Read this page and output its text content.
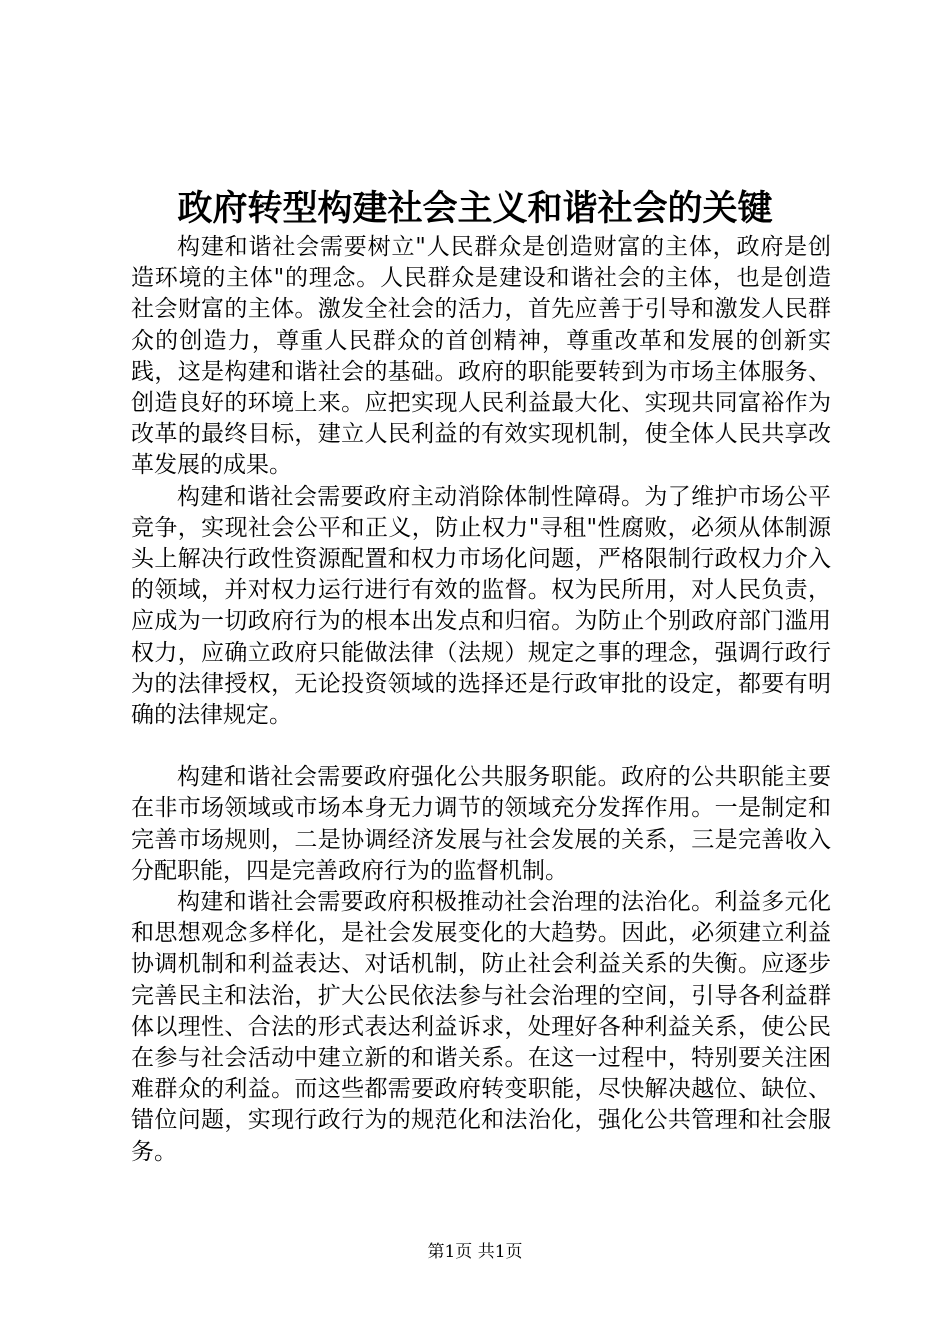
政府转型构建社会主义和谐社会的关键

构建和谐社会需要树立"人民群众是创造财富的主体，政府是创造环境的主体"的理念。人民群众是建设和谐社会的主体，也是创造社会财富的主体。激发全社会的活力，首先应善于引导和激发人民群众的创造力，尊重人民群众的首创精神，尊重改革和发展的创新实践，这是构建和谐社会的基础。政府的职能要转到为市场主体服务、创造良好的环境上来。应把实现人民利益最大化、实现共同富裕作为改革的最终目标，建立人民利益的有效实现机制，使全体人民共享改革发展的成果。

构建和谐社会需要政府主动消除体制性障碍。为了维护市场公平竞争，实现社会公平和正义，防止权力"寻租"性腐败，必须从体制源头上解决行政性资源配置和权力市场化问题，严格限制行政权力介入的领域，并对权力运行进行有效的监督。权为民所用，对人民负责，应成为一切政府行为的根本出发点和归宿。为防止个别政府部门滥用权力，应确立政府只能做法律（法规）规定之事的理念，强调行政行为的法律授权，无论投资领域的选择还是行政审批的设定，都要有明确的法律规定。

构建和谐社会需要政府强化公共服务职能。政府的公共职能主要在非市场领域或市场本身无力调节的领域充分发挥作用。一是制定和完善市场规则，二是协调经济发展与社会发展的关系，三是完善收入分配职能，四是完善政府行为的监督机制。

构建和谐社会需要政府积极推动社会治理的法治化。利益多元化和思想观念多样化，是社会发展变化的大趋势。因此，必须建立利益协调机制和利益表达、对话机制，防止社会利益关系的失衡。应逐步完善民主和法治，扩大公民依法参与社会治理的空间，引导各利益群体以理性、合法的形式表达利益诉求，处理好各种利益关系，使公民在参与社会活动中建立新的和谐关系。在这一过程中，特别要关注困难群众的利益。而这些都需要政府转变职能，尽快解决越位、缺位、错位问题，实现行政行为的规范化和法治化，强化公共管理和社会服务。

第1页 共1页
